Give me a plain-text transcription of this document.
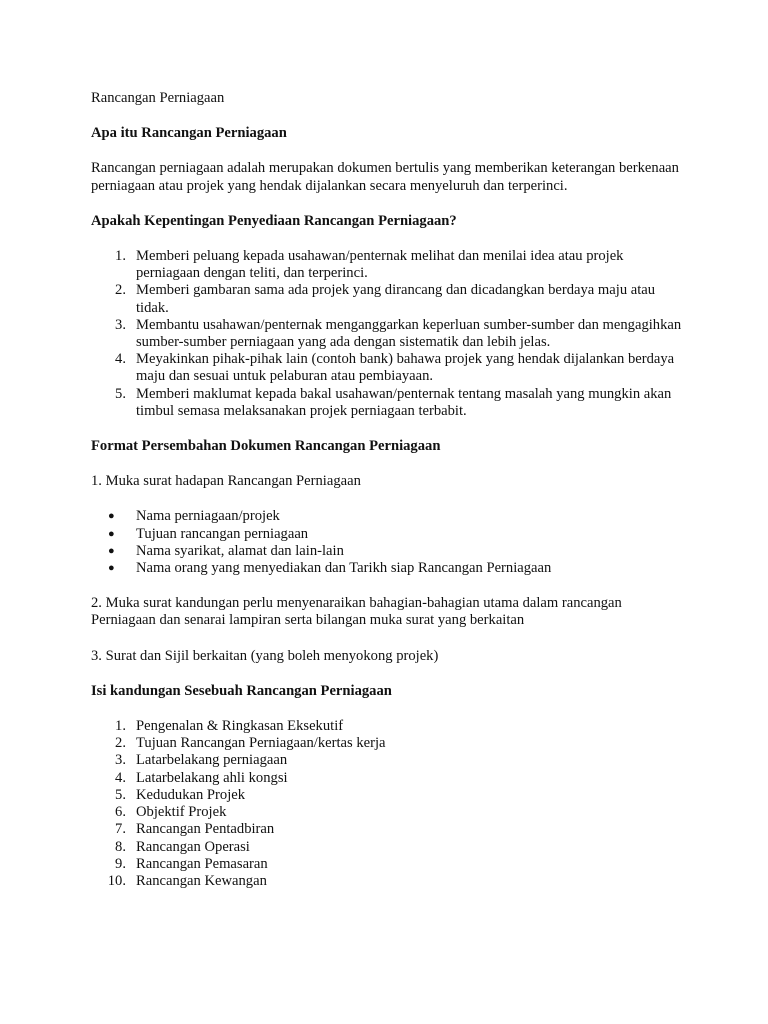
Rancangan Perniagaan

Apa itu Rancangan Perniagaan

Rancangan perniagaan adalah merupakan dokumen bertulis yang memberikan keterangan berkenaan perniagaan atau projek yang hendak dijalankan secara menyeluruh dan terperinci.

Apakah Kepentingan Penyediaan Rancangan Perniagaan?
1. Memberi peluang kepada usahawan/penternak melihat dan menilai idea atau projek perniagaan dengan teliti, dan terperinci.
2. Memberi gambaran sama ada projek yang dirancang dan dicadangkan berdaya maju atau tidak.
3. Membantu usahawan/penternak menganggarkan keperluan sumber-sumber dan mengagihkan sumber-sumber perniagaan yang ada dengan sistematik dan lebih jelas.
4. Meyakinkan pihak-pihak lain (contoh bank) bahawa projek yang hendak dijalankan berdaya maju dan sesuai untuk pelaburan atau pembiayaan.
5. Memberi maklumat kepada bakal usahawan/penternak tentang masalah yang mungkin akan timbul semasa melaksanakan projek perniagaan terbabit.
Format Persembahan Dokumen Rancangan Perniagaan

1. Muka surat hadapan Rancangan Perniagaan

● Nama perniagaan/projek
● Tujuan rancangan perniagaan
● Nama syarikat, alamat dan lain-lain
● Nama orang yang menyediakan dan Tarikh siap Rancangan Perniagaan

2. Muka surat kandungan perlu menyenaraikan bahagian-bahagian utama dalam rancangan Perniagaan dan senarai lampiran serta bilangan muka surat yang berkaitan

3. Surat dan Sijil berkaitan (yang boleh menyokong projek)

Isi kandungan Sesebuah Rancangan Perniagaan
1. Pengenalan & Ringkasan Eksekutif
2. Tujuan Rancangan Perniagaan/kertas kerja
3. Latarbelakang perniagaan
4. Latarbelakang ahli kongsi
5. Kedudukan Projek
6. Objektif Projek
7. Rancangan Pentadbiran
8. Rancangan Operasi
9. Rancangan Pemasaran
10. Rancangan Kewangan
